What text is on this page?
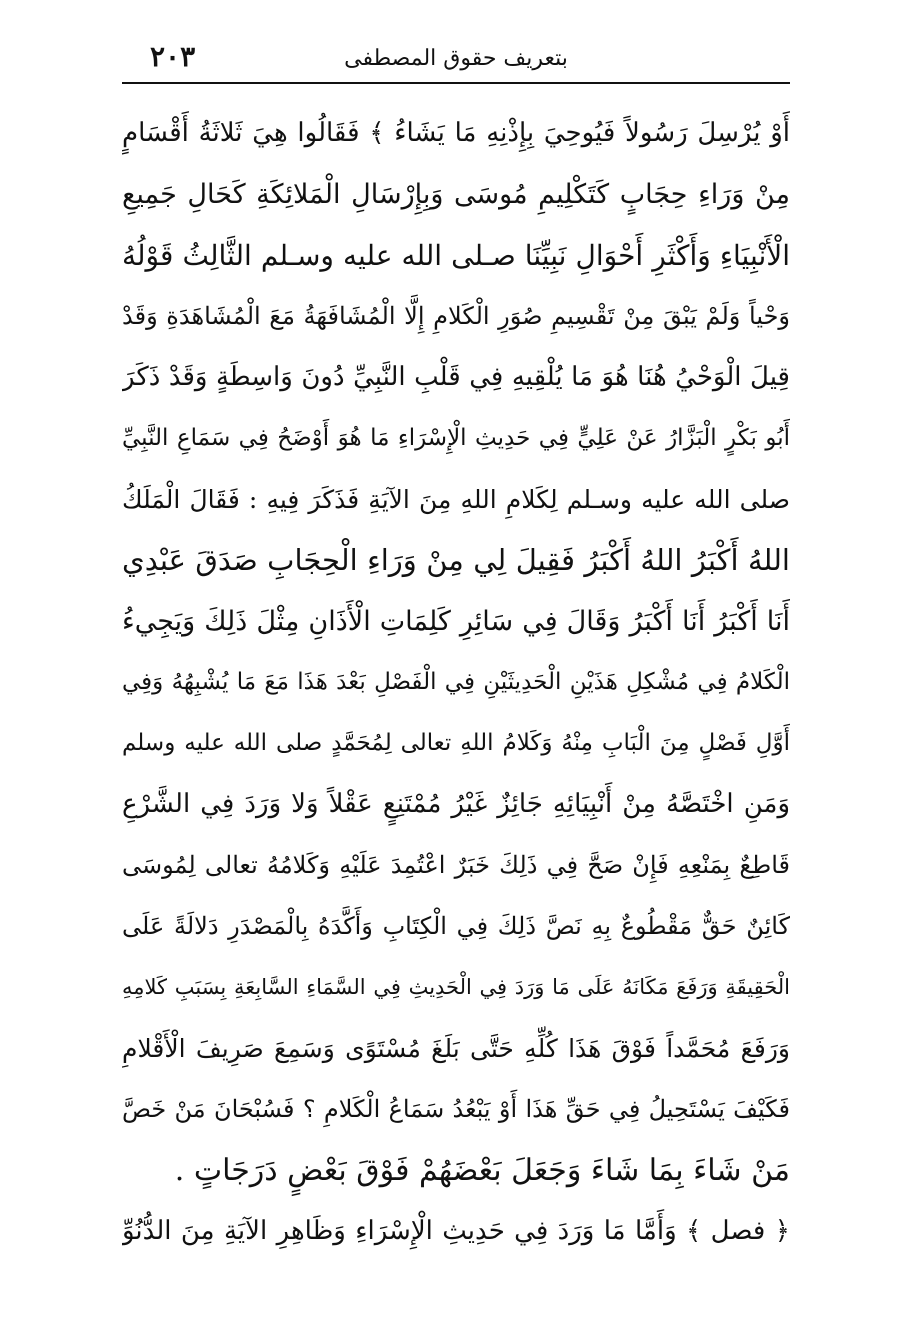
٢٠٣	بتعريف حقوق المصطفى
أَوْ يُرْسِلَ رَسُولاً فَيُوحِيَ بِإِذْنِهِ مَا يَشَاءُ ﴾ فَقَالُوا هِيَ ثَلاثَةُ أَقْسَامٍ
مِنْ وَرَاءِ حِجَابٍ كَتَكْلِيمِ مُوسَى وَبِإِرْسَالِ الْمَلائِكَةِ كَحَالِ جَمِيعِ
الْأَنْبِيَاءِ وَأَكْثَرِ أَحْوَالِ نَبِيِّنَا صـلى الله عليه وسـلم الثَّالِثُ قَوْلُهُ
وَحْياً وَلَمْ يَبْقَ مِنْ تَقْسِيمِ صُوَرِ الْكَلامِ إِلَّا الْمُشَافَهَةُ مَعَ الْمُشَاهَدَةِ وَقَدْ
قِيلَ الْوَحْيُ هُنَا هُوَ مَا يُلْقِيهِ فِي قَلْبِ النَّبِيِّ دُونَ وَاسِطَةٍ وَقَدْ ذَكَرَ
أَبُو بَكْرٍ الْبَزَّارُ عَنْ عَلِيٍّ فِي حَدِيثِ الْإِسْرَاءِ مَا هُوَ أَوْضَحُ فِي سَمَاعِ النَّبِيِّ
صلى الله عليه وسـلم لِكَلامِ اللهِ مِنَ الآيَةِ فَذَكَرَ فِيهِ : فَقَالَ الْمَلَكُ
اللهُ أَكْبَرُ اللهُ أَكْبَرُ فَقِيلَ لِي مِنْ وَرَاءِ الْحِجَابِ صَدَقَ عَبْدِي
أَنَا أَكْبَرُ أَنَا أَكْبَرُ وَقَالَ فِي سَائِرِ كَلِمَاتِ الْأَذَانِ مِثْلَ ذَلِكَ وَيَجِيءُ
الْكَلامُ فِي مُشْكِلِ هَذَيْنِ الْحَدِيثَيْنِ فِي الْفَصْلِ بَعْدَ هَذَا مَعَ مَا يُشْبِهُهُ وَفِي
أَوَّلِ فَصْلٍ مِنَ الْبَابِ مِنْهُ وَكَلامُ اللهِ تعالى لِمُحَمَّدٍ صلى الله عليه وسلم
وَمَنِ اخْتَصَّهُ مِنْ أَنْبِيَائِهِ جَائِزٌ غَيْرُ مُمْتَنِعٍ عَقْلاً وَلا وَرَدَ فِي الشَّرْعِ
قَاطِعٌ بِمَنْعِهِ فَإِنْ صَحَّ فِي ذَلِكَ خَبَرٌ اعْتُمِدَ عَلَيْهِ وَكَلامُهُ تعالى لِمُوسَى
كَائِنٌ حَقٌّ مَقْطُوعٌ بِهِ نَصَّ ذَلِكَ فِي الْكِتَابِ وَأَكَّدَهُ بِالْمَصْدَرِ دَلالَةً عَلَى
الْحَقِيقَةِ وَرَفَعَ مَكَانَهُ عَلَى مَا وَرَدَ فِي الْحَدِيثِ فِي السَّمَاءِ السَّابِعَةِ بِسَبَبِ كَلامِهِ
وَرَفَعَ مُحَمَّداً فَوْقَ هَذَا كُلِّهِ حَتَّى بَلَغَ مُسْتَوًى وَسَمِعَ صَرِيفَ الْأَقْلامِ
فَكَيْفَ يَسْتَحِيلُ فِي حَقِّ هَذَا أَوْ يَبْعُدُ سَمَاعُ الْكَلامِ ؟ فَسُبْحَانَ مَنْ خَصَّ
مَنْ شَاءَ بِمَا شَاءَ وَجَعَلَ بَعْضَهُمْ فَوْقَ بَعْضٍ دَرَجَاتٍ .
﴿ فصل ﴾ وَأَمَّا مَا وَرَدَ فِي حَدِيثِ الْإِسْرَاءِ وَظَاهِرِ الآيَةِ مِنَ الدُّنُوِّ
